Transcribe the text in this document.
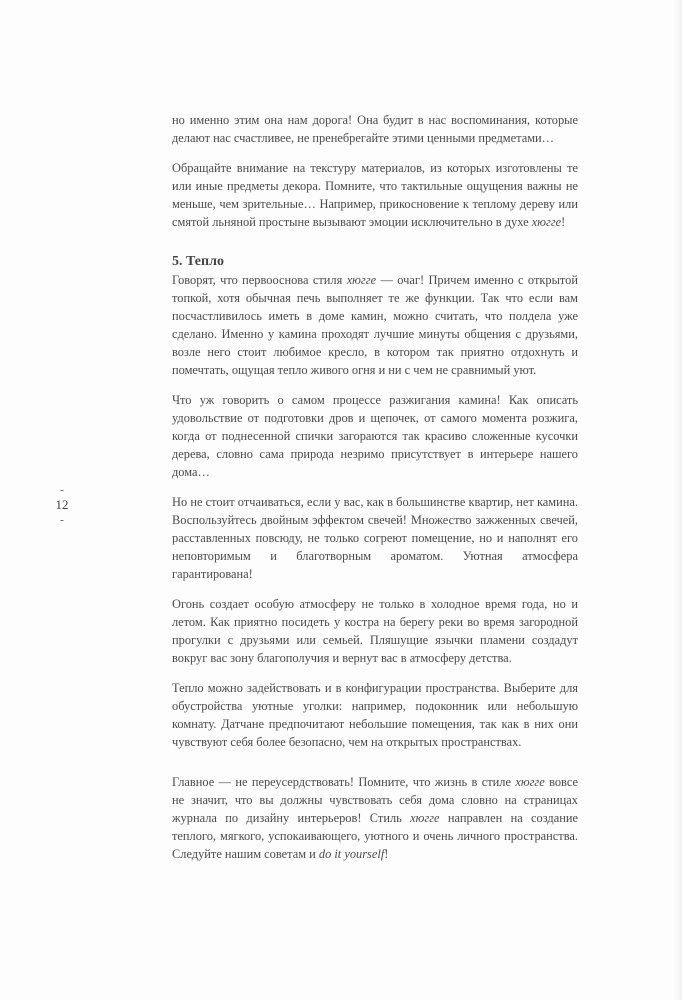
-
12
-

но именно этим она нам дорога! Она будит в нас воспоминания, которые делают нас счастливее, не пренебрегайте этими ценными предметами…

Обращайте внимание на текстуру материалов, из которых изготовлены те или иные предметы декора. Помните, что тактильные ощущения важны не меньше, чем зрительные… Например, прикосновение к теплому дереву или смятой льняной простыне вызывают эмоции исключительно в духе хюгге!

5. Тепло

Говорят, что первооснова стиля хюгге — очаг! Причем именно с открытой топкой, хотя обычная печь выполняет те же функции. Так что если вам посчастливилось иметь в доме камин, можно считать, что полдела уже сделано. Именно у камина проходят лучшие минуты общения с друзьями, возле него стоит любимое кресло, в котором так приятно отдохнуть и помечтать, ощущая тепло живого огня и ни с чем не сравнимый уют.

Что уж говорить о самом процессе разжигания камина! Как описать удовольствие от подготовки дров и щепочек, от самого момента розжига, когда от поднесенной спички загораются так красиво сложенные кусочки дерева, словно сама природа незримо присутствует в интерьере нашего дома…

Но не стоит отчаиваться, если у вас, как в большинстве квартир, нет камина. Воспользуйтесь двойным эффектом свечей! Множество зажженных свечей, расставленных повсюду, не только согреют помещение, но и наполнят его неповторимым и благотворным ароматом. Уютная атмосфера гарантирована!

Огонь создает особую атмосферу не только в холодное время года, но и летом. Как приятно посидеть у костра на берегу реки во время загородной прогулки с друзьями или семьей. Пляшущие язычки пламени создадут вокруг вас зону благополучия и вернут вас в атмосферу детства.

Тепло можно задействовать и в конфигурации пространства. Выберите для обустройства уютные уголки: например, подоконник или небольшую комнату. Датчане предпочитают небольшие помещения, так как в них они чувствуют себя более безопасно, чем на открытых пространствах.

Главное — не переусердствовать! Помните, что жизнь в стиле хюгге вовсе не значит, что вы должны чувствовать себя дома словно на страницах журнала по дизайну интерьеров! Стиль хюгге направлен на создание теплого, мягкого, успокаивающего, уютного и очень личного пространства. Следуйте нашим советам и do it yourself!
